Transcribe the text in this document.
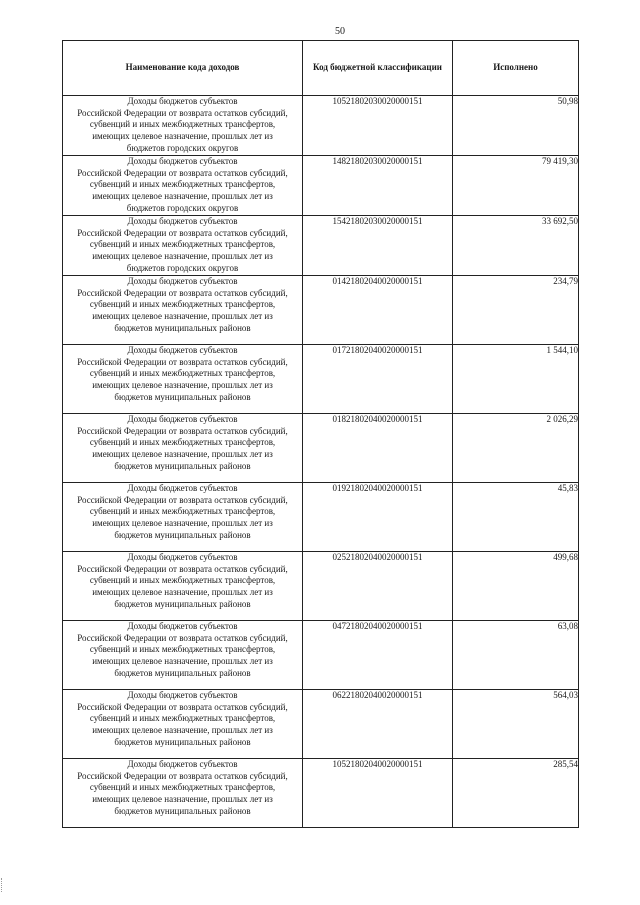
50
Наименование кода доходов	Код бюджетной классификации	Исполнено

Доходы бюджетов субъектов
Российской Федерации от возврата остатков субсидий,
субвенций и иных межбюджетных трансфертов,
имеющих целевое назначение, прошлых лет из
бюджетов городских округов	10521802030020000151	50,98

Доходы бюджетов субъектов
Российской Федерации от возврата остатков субсидий,
субвенций и иных межбюджетных трансфертов,
имеющих целевое назначение, прошлых лет из
бюджетов городских округов	14821802030020000151	79 419,30

Доходы бюджетов субъектов
Российской Федерации от возврата остатков субсидий,
субвенций и иных межбюджетных трансфертов,
имеющих целевое назначение, прошлых лет из
бюджетов городских округов	15421802030020000151	33 692,50

Доходы бюджетов субъектов
Российской Федерации от возврата остатков субсидий,
субвенций и иных межбюджетных трансфертов,
имеющих целевое назначение, прошлых лет из
бюджетов муниципальных районов	01421802040020000151	234,79

Доходы бюджетов субъектов
Российской Федерации от возврата остатков субсидий,
субвенций и иных межбюджетных трансфертов,
имеющих целевое назначение, прошлых лет из
бюджетов муниципальных районов	01721802040020000151	1 544,10

Доходы бюджетов субъектов
Российской Федерации от возврата остатков субсидий,
субвенций и иных межбюджетных трансфертов,
имеющих целевое назначение, прошлых лет из
бюджетов муниципальных районов	01821802040020000151	2 026,29

Доходы бюджетов субъектов
Российской Федерации от возврата остатков субсидий,
субвенций и иных межбюджетных трансфертов,
имеющих целевое назначение, прошлых лет из
бюджетов муниципальных районов	01921802040020000151	45,83

Доходы бюджетов субъектов
Российской Федерации от возврата остатков субсидий,
субвенций и иных межбюджетных трансфертов,
имеющих целевое назначение, прошлых лет из
бюджетов муниципальных районов	02521802040020000151	499,68

Доходы бюджетов субъектов
Российской Федерации от возврата остатков субсидий,
субвенций и иных межбюджетных трансфертов,
имеющих целевое назначение, прошлых лет из
бюджетов муниципальных районов	04721802040020000151	63,08

Доходы бюджетов субъектов
Российской Федерации от возврата остатков субсидий,
субвенций и иных межбюджетных трансфертов,
имеющих целевое назначение, прошлых лет из
бюджетов муниципальных районов	06221802040020000151	564,03

Доходы бюджетов субъектов
Российской Федерации от возврата остатков субсидий,
субвенций и иных межбюджетных трансфертов,
имеющих целевое назначение, прошлых лет из
бюджетов муниципальных районов	10521802040020000151	285,54
